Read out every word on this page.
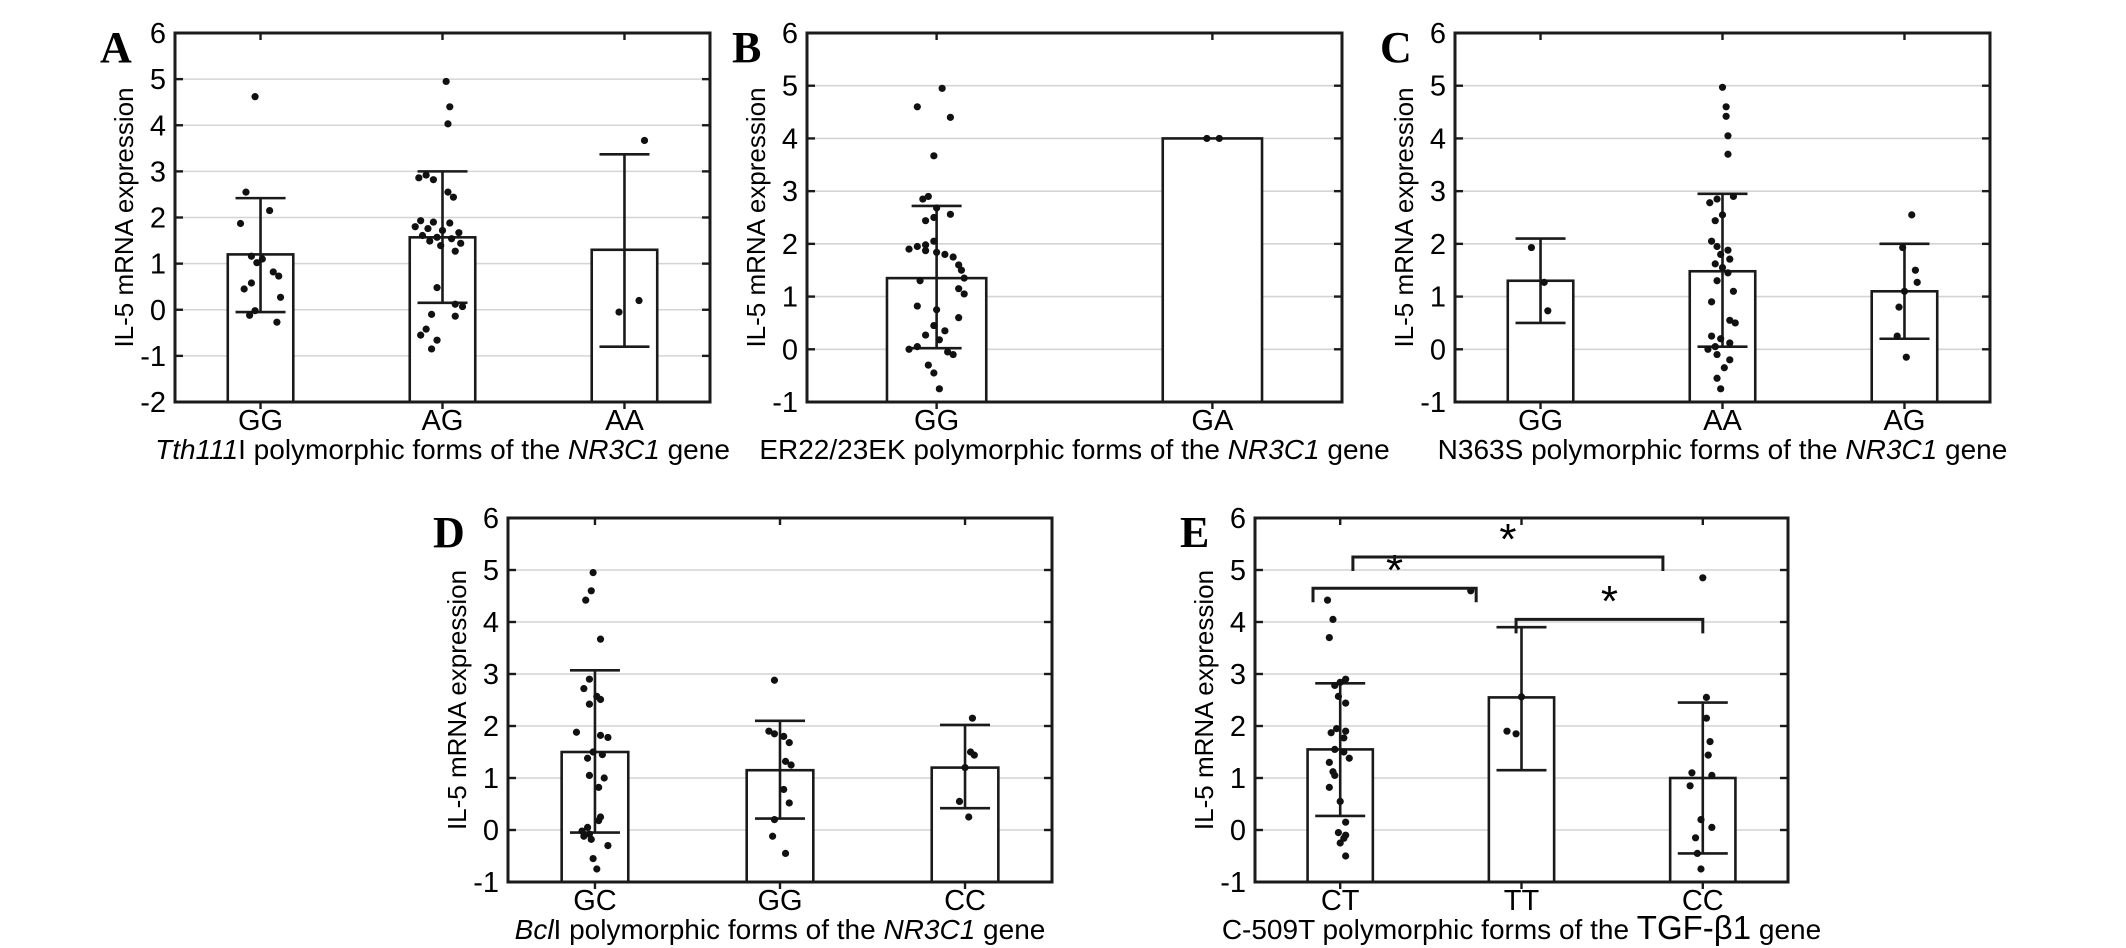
6
5
4
3
2
1
0
-1
-2
GG	AG	AA
Tth111I polymorphic forms of the NR3C1 gene
IL-5 mRNA expression
A	6
5
4
3
2
1
0
-1
GG	GA
ER22/23EK polymorphic forms of the NR3C1 gene
IL-5 mRNA expression
B	6
5
4
3
2
1
0
-1
GG	AA	AG
N363S polymorphic forms of the NR3C1 gene
IL-5 mRNA expression
C
6
5
4
3
2
1
0
-1
GC	GG	CC
BclI polymorphic forms of the NR3C1 gene
IL-5 mRNA expression
D
*
*
*
6
5
4
3
2
1
0
-1
CT	TT	CC
C-509T polymorphic forms of the TGF-β1 gene
IL-5 mRNA expression
E
